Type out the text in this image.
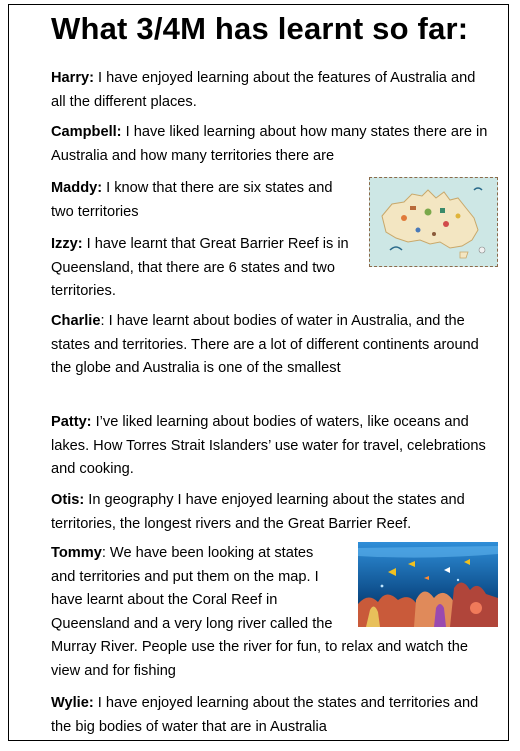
What 3/4M has learnt so far:

Harry: I have enjoyed learning about the features of Australia and all the different places.

Campbell: I have liked learning about how many states there are in Australia and how many territories there are

Maddy: I know that there are six states and two territories

Izzy: I have learnt that Great Barrier Reef is in Queensland, that there are 6 states and two territories.

Charlie: I have learnt about bodies of water in Australia, and the states and territories. There are a lot of different continents around the globe and Australia is one of the smallest

Patty: I’ve liked learning about bodies of waters, like oceans and lakes. How Torres Strait Islanders’ use water for travel, celebrations and cooking.

Otis: In geography I have enjoyed learning about the states and territories, the longest rivers and the Great Barrier Reef.

Tommy: We have been looking at states and territories and put them on the map. I have learnt about the Coral Reef in Queensland and a very long river called the Murray River. People use the river for fun, to relax and watch the view and for fishing

Wylie: I have enjoyed learning about the states and territories and the big bodies of water that are in Australia
